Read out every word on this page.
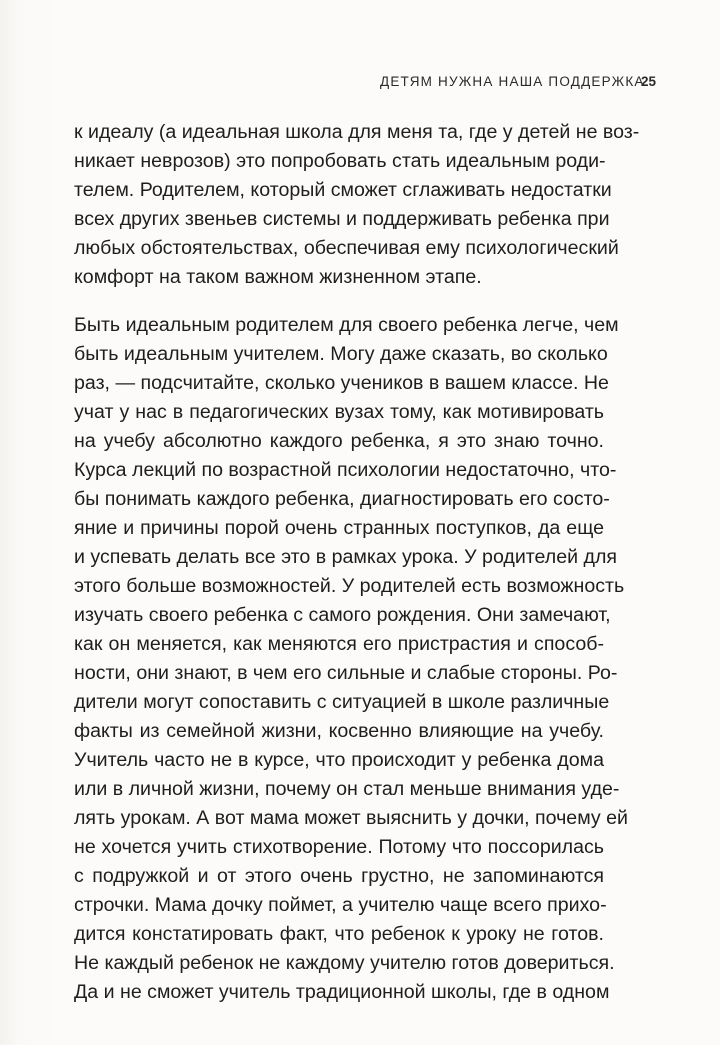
ДЕТЯМ НУЖНА НАША ПОДДЕРЖКА
25
к идеалу (а идеальная школа для меня та, где у детей не воз-
никает неврозов) это попробовать стать идеальным роди-
телем. Родителем, который сможет сглаживать недостатки
всех других звеньев системы и поддерживать ребенка при
любых обстоятельствах, обеспечивая ему психологический
комфорт на таком важном жизненном этапе.
Быть идеальным родителем для своего ребенка легче, чем
быть идеальным учителем. Могу даже сказать, во сколько
раз, — подсчитайте, сколько учеников в вашем классе. Не
учат у нас в педагогических вузах тому, как мотивировать
на учебу абсолютно каждого ребенка, я это знаю точно.
Курса лекций по возрастной психологии недостаточно, что-
бы понимать каждого ребенка, диагностировать его состо-
яние и причины порой очень странных поступков, да еще
и успевать делать все это в рамках урока. У родителей для
этого больше возможностей. У родителей есть возможность
изучать своего ребенка с самого рождения. Они замечают,
как он меняется, как меняются его пристрастия и способ-
ности, они знают, в чем его сильные и слабые стороны. Ро-
дители могут сопоставить с ситуацией в школе различные
факты из семейной жизни, косвенно влияющие на учебу.
Учитель часто не в курсе, что происходит у ребенка дома
или в личной жизни, почему он стал меньше внимания уде-
лять урокам. А вот мама может выяснить у дочки, почему ей
не хочется учить стихотворение. Потому что поссорилась
с подружкой и от этого очень грустно, не запоминаются
строчки. Мама дочку поймет, а учителю чаще всего прихо-
дится констатировать факт, что ребенок к уроку не готов.
Не каждый ребенок не каждому учителю готов довериться.
Да и не сможет учитель традиционной школы, где в одном
